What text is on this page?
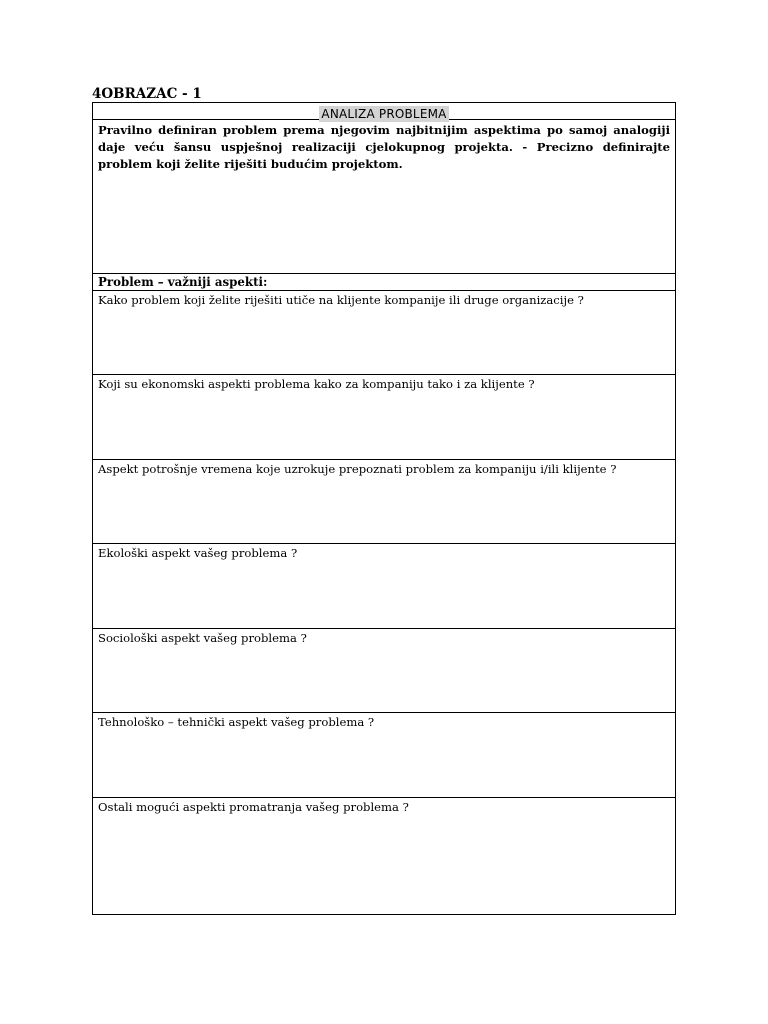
4OBRAZAC - 1
ANALIZA PROBLEMA
Pravilno definiran problem prema njegovim najbitnijim aspektima po samoj analogiji daje veću šansu uspješnoj realizaciji cjelokupnog projekta. - Precizno definirajte problem koji želite riješiti budućim projektom.
Problem – važniji aspekti:
Kako problem koji želite riješiti utiče na klijente kompanije ili druge organizacije ?
Koji su ekonomski aspekti problema kako za kompaniju tako i za klijente ?
Aspekt potrošnje vremena koje uzrokuje prepoznati problem za kompaniju i/ili klijente ?
Ekološki aspekt vašeg problema ?
Sociološki aspekt vašeg problema ?
Tehnološko – tehnički aspekt vašeg problema ?
Ostali mogući aspekti promatranja vašeg problema ?
